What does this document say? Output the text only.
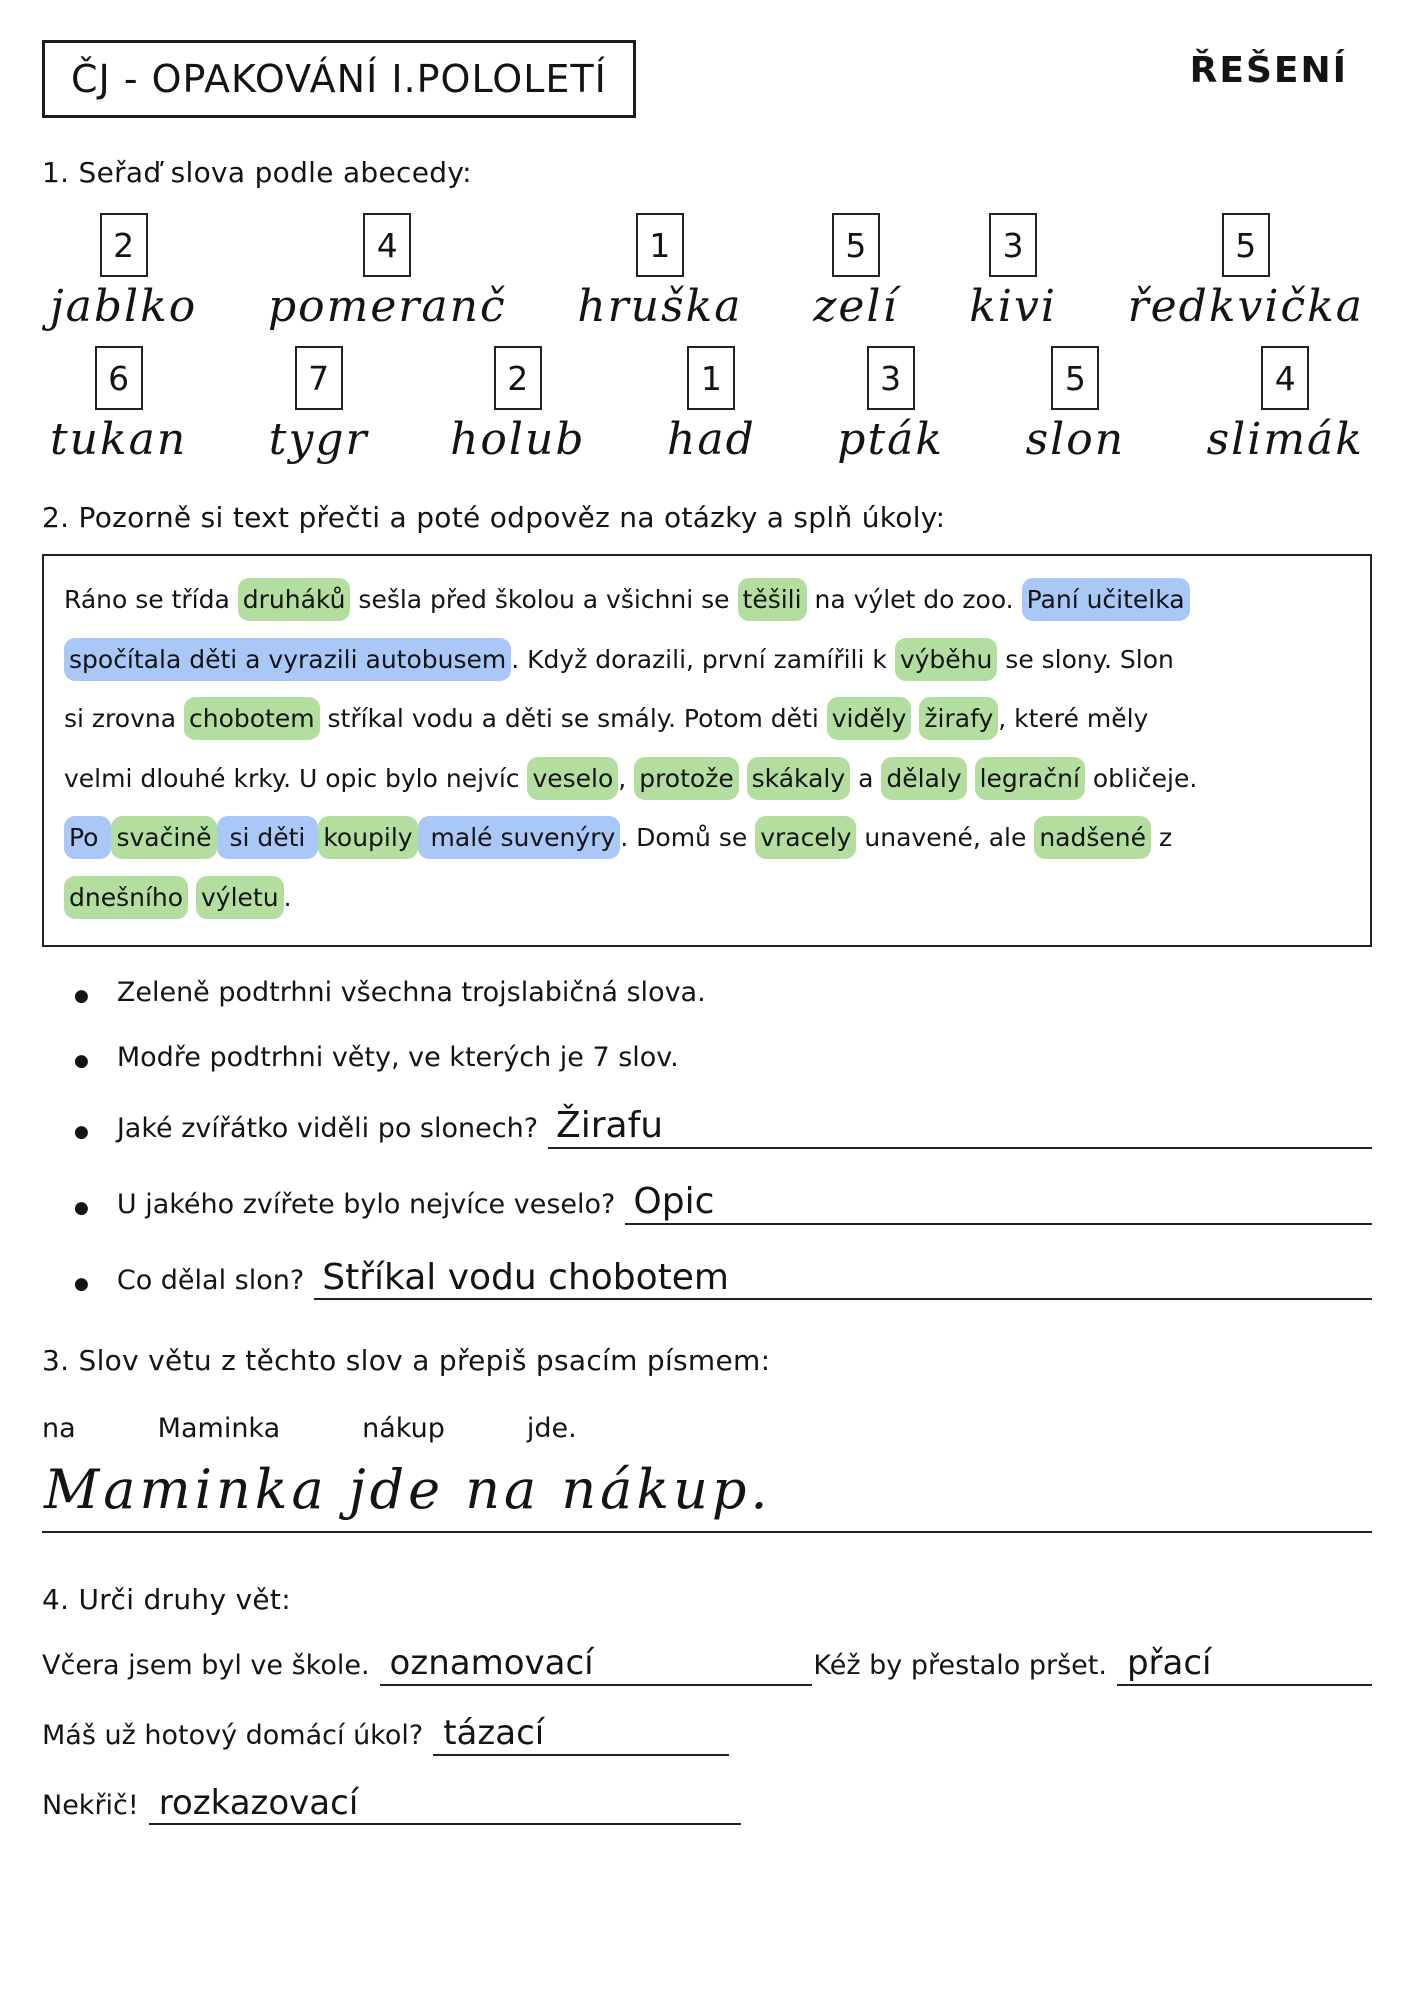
ČJ - OPAKOVÁNÍ I.POLOLETÍ	ŘEŠENÍ
1. Seřaď slova podle abecedy:
2
jablko
4
pomeranč
1
hruška
5
zelí
3
kivi
5
ředkvička
6
tukan
7
tygr
2
holub
1
had
3
pták
5
slon
4
slimák
2. Pozorně si text přečti a poté odpověz na otázky a splň úkoly:
Ráno se třída druháků sešla před školou a všichni se těšili na výlet do zoo. Paní učitelka
spočítala děti a vyrazili autobusem . Když dorazili, první zamířili k výběhu se slony. Slon
si zrovna chobotem stříkal vodu a děti se smály. Potom děti viděly žirafy , které měly
velmi dlouhé krky. U opic bylo nejvíc veselo , protože skákaly a dělaly legrační obličeje.
Po svačině si děti koupily malé suvenýry . Domů se vracely unavené, ale nadšené z
dnešního výletu .
● Zeleně podtrhni všechna trojslabičná slova.
● Modře podtrhni věty, ve kterých je 7 slov.
● Jaké zvířátko viděli po slonech? Žirafu
● U jakého zvířete bylo nejvíce veselo? Opic
● Co dělal slon? Stříkal vodu chobotem
3. Slov větu z těchto slov a přepiš psacím písmem:
na	Maminka	nákup	jde.
Maminka jde na nákup.
4. Urči druhy vět:
Včera jsem byl ve škole. oznamovací	Kéž by přestalo pršet. přací
Máš už hotový domácí úkol? tázací
Nekřič! rozkazovací
